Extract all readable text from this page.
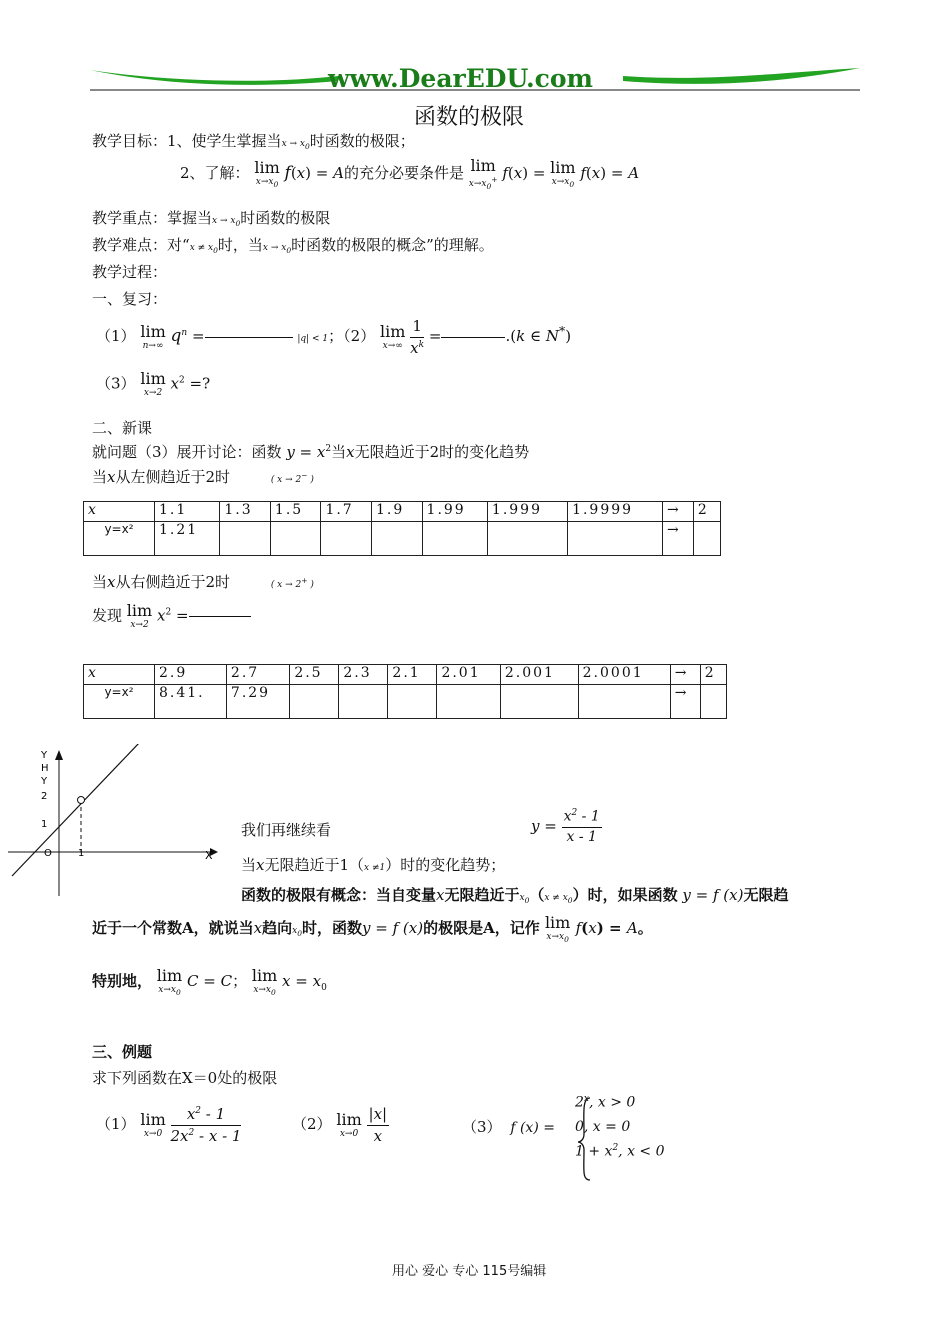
www.DearEDU.com
函数的极限
教学目标：1、使学生掌握当$x \to x_0$时函数的极限；
2、了解： lim
$x\to x_0$
f(x) = A的充分必要条件是 lim
$x\to x_0^+$ f(x) = lim
$x\to x_0$
f(x) = A
教学重点：掌握当$x \to x_0$时函数的极限
教学难点：对“$x \ne x_0$时，当$x \to x_0$时函数的极限的概念”的理解。
教学过程：
一、复习：
（1） lim
n→∞ $q^n$ =	|q| < 1；（2） lim
x→∞
$\frac{1}{x^k}$ =	.(k ∈ N*)
（3） lim
x→2
$x^2$ =?
二、新课
就问题（3）展开讨论：函数 $y = x^2$当x无限趋近于2时的变化趋势
当x从左侧趋近于2时	( x → 2− )
x	1.1	1.3	1.5	1.7	1.9	1.99	1.999	1.9999	→	2
y=x²	1.21								→	
当x从右侧趋近于2时	( x → 2+ )
发现 lim
x→2
$x^2$ =
x	2.9	2.7	2.5	2.3	2.1	2.01	2.001	2.0001	→	2
y=x²	8.41.	7.29							→	
Y
H
Y
2
1
O	1	X
我们再继续看	$y = \frac{x^2 - 1}{x - 1}$
当x无限趋近于1（x ≠1）时的变化趋势；
函数的极限有概念：当自变量x无限趋近于$x_0(x \ne x_0)$时，如果函数 y = f (x)无限趋
近于一个常数A，就说当x趋向$x_0$时，函数y = f (x)的极限是A，记作 lim
$x\to x_0$
f(x) = A。
特别地， lim
$x\to x_0$
C = C； lim
$x\to x_0$
$x = x_0$
三、例题
求下列函数在X＝0处的极限
（1） lim
x→0
$\frac{x^2 - 1}{2x^2 - x - 1}$	（2） lim
x→0
$\frac{|x|}{x}$	（3） f (x) =
$2^x$, x > 0
0, x = 0
$1 + x^2$, x < 0
用心 爱心 专心 115号编辑
